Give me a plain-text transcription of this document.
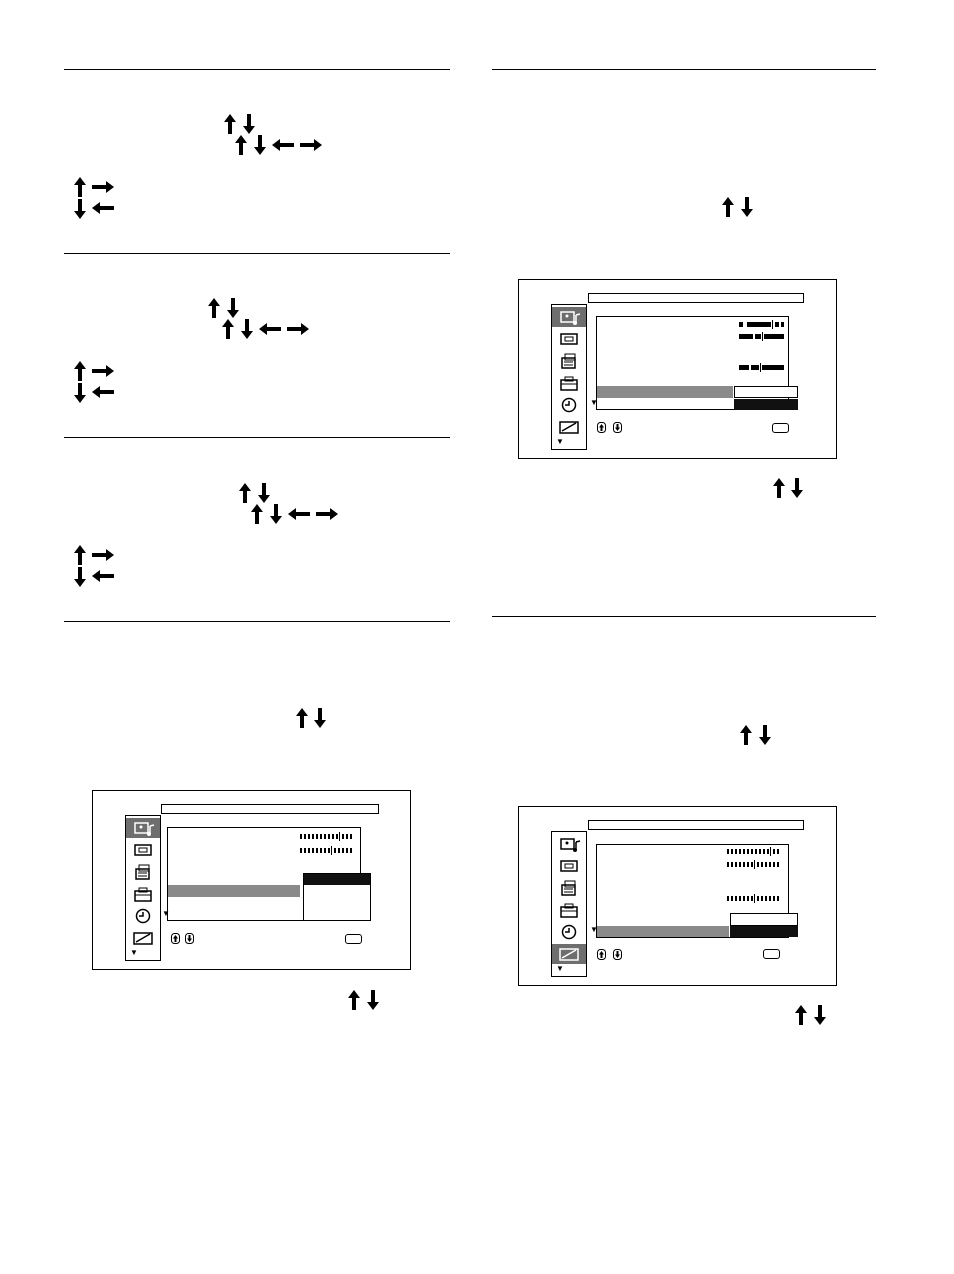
▼
▼
▼
▼
▼
▼
